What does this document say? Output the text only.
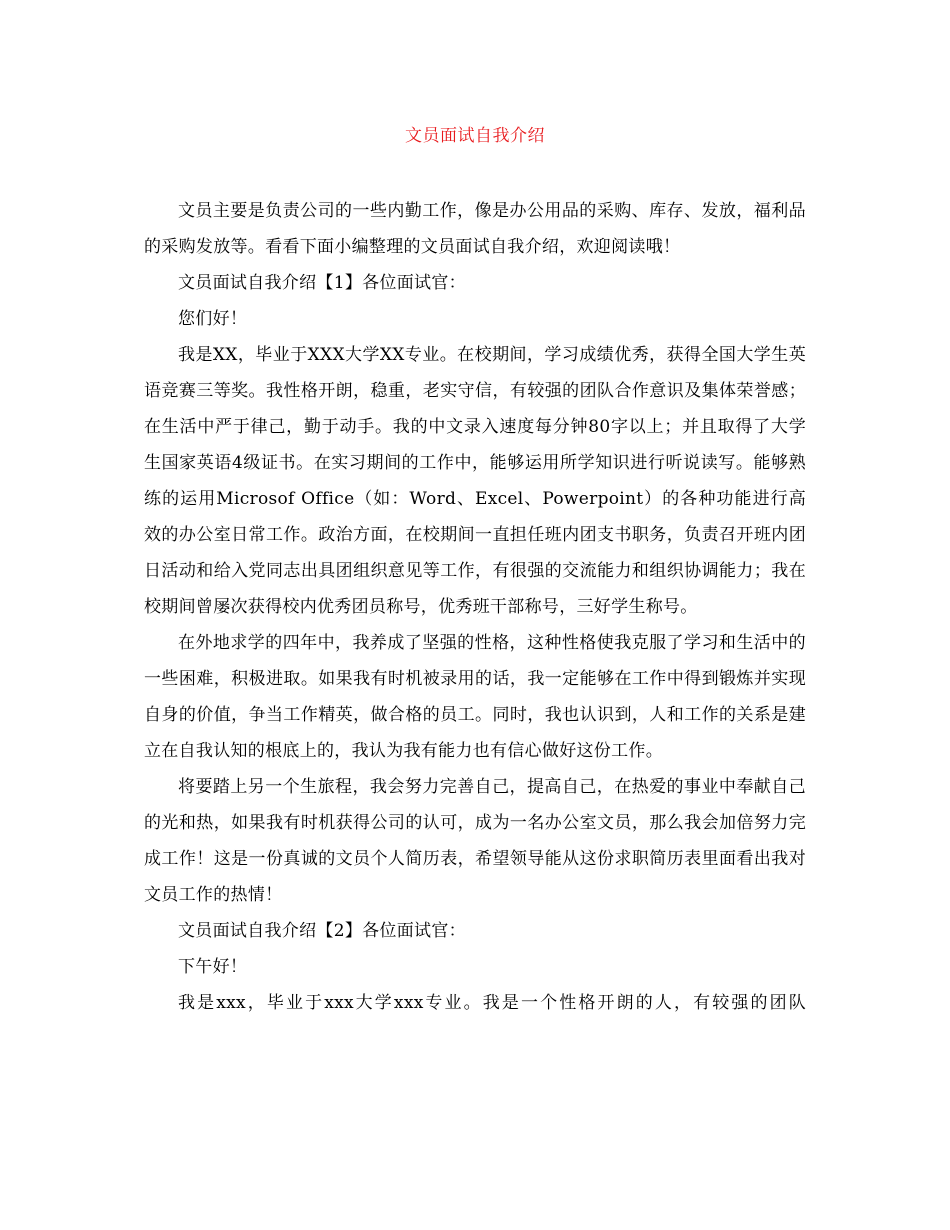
文员面试自我介绍

文员主要是负责公司的一些内勤工作，像是办公用品的采购、库存、发放，福利品的采购发放等。看看下面小编整理的文员面试自我介绍，欢迎阅读哦！

文员面试自我介绍【1】各位面试官：

您们好！

我是XX，毕业于XXX大学XX专业。在校期间，学习成绩优秀，获得全国大学生英语竞赛三等奖。我性格开朗，稳重，老实守信，有较强的团队合作意识及集体荣誉感；在生活中严于律己，勤于动手。我的中文录入速度每分钟80字以上；并且取得了大学生国家英语4级证书。在实习期间的工作中，能够运用所学知识进行听说读写。能够熟练的运用Microsof Office（如：Word、Excel、Powerpoint）的各种功能进行高效的办公室日常工作。政治方面，在校期间一直担任班内团支书职务，负责召开班内团日活动和给入党同志出具团组织意见等工作，有很强的交流能力和组织协调能力；我在校期间曾屡次获得校内优秀团员称号，优秀班干部称号，三好学生称号。

在外地求学的四年中，我养成了坚强的性格，这种性格使我克服了学习和生活中的一些困难，积极进取。如果我有时机被录用的话，我一定能够在工作中得到锻炼并实现自身的价值，争当工作精英，做合格的员工。同时，我也认识到，人和工作的关系是建立在自我认知的根底上的，我认为我有能力也有信心做好这份工作。

将要踏上另一个生旅程，我会努力完善自己，提高自己，在热爱的事业中奉献自己的光和热，如果我有时机获得公司的认可，成为一名办公室文员，那么我会加倍努力完成工作！这是一份真诚的文员个人简历表，希望领导能从这份求职简历表里面看出我对文员工作的热情！

文员面试自我介绍【2】各位面试官：

下午好！

我是xxx，毕业于xxx大学xxx专业。我是一个性格开朗的人，有较强的团队
